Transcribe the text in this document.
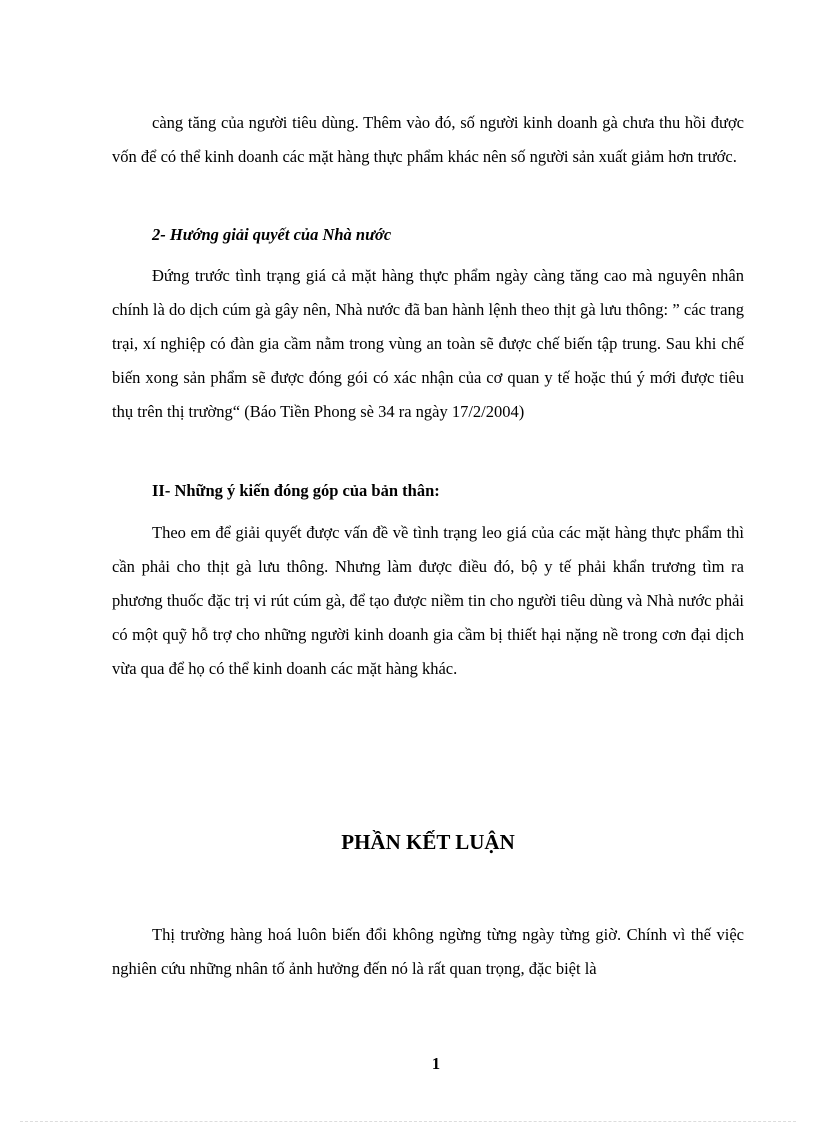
càng tăng của người tiêu dùng. Thêm vào đó, số người kinh doanh gà chưa thu hồi được vốn để có thể kinh doanh các mặt hàng thực phẩm khác nên số người sản xuất giảm hơn trước.

2- Hướng giải quyết của Nhà nước

Đứng trước tình trạng giá cả mặt hàng thực phẩm ngày càng tăng cao mà nguyên nhân chính là do dịch cúm gà gây nên, Nhà nước đã ban hành lệnh theo thịt gà lưu thông: ” các trang trại, xí nghiệp có đàn gia cầm nằm trong vùng an toàn sẽ được chế biến tập trung. Sau khi chế biến xong sản phẩm sẽ được đóng gói có xác nhận của cơ quan y tế hoặc thú ý mới được tiêu thụ trên thị trường“ (Báo Tiền Phong sè 34 ra ngày 17/2/2004)

II- Những ý kiến đóng góp của bản thân:

Theo em để giải quyết được vấn đề về tình trạng leo giá của các mặt hàng thực phẩm thì cần phải cho thịt gà lưu thông. Nhưng làm được điều đó, bộ y tế phải khẩn trương tìm ra phương thuốc đặc trị vi rút cúm gà, để tạo được niềm tin cho người tiêu dùng và Nhà nước phải có một quỹ hỗ trợ cho những người kinh doanh gia cầm bị thiết hại nặng nề trong cơn đại dịch vừa qua để họ có thể kinh doanh các mặt hàng khác.

PHẦN KẾT LUẬN

Thị trường hàng hoá luôn biến đổi không ngừng từng ngày từng giờ. Chính vì thế việc nghiên cứu những nhân tố ảnh hưởng đến nó là rất quan trọng, đặc biệt là

1
